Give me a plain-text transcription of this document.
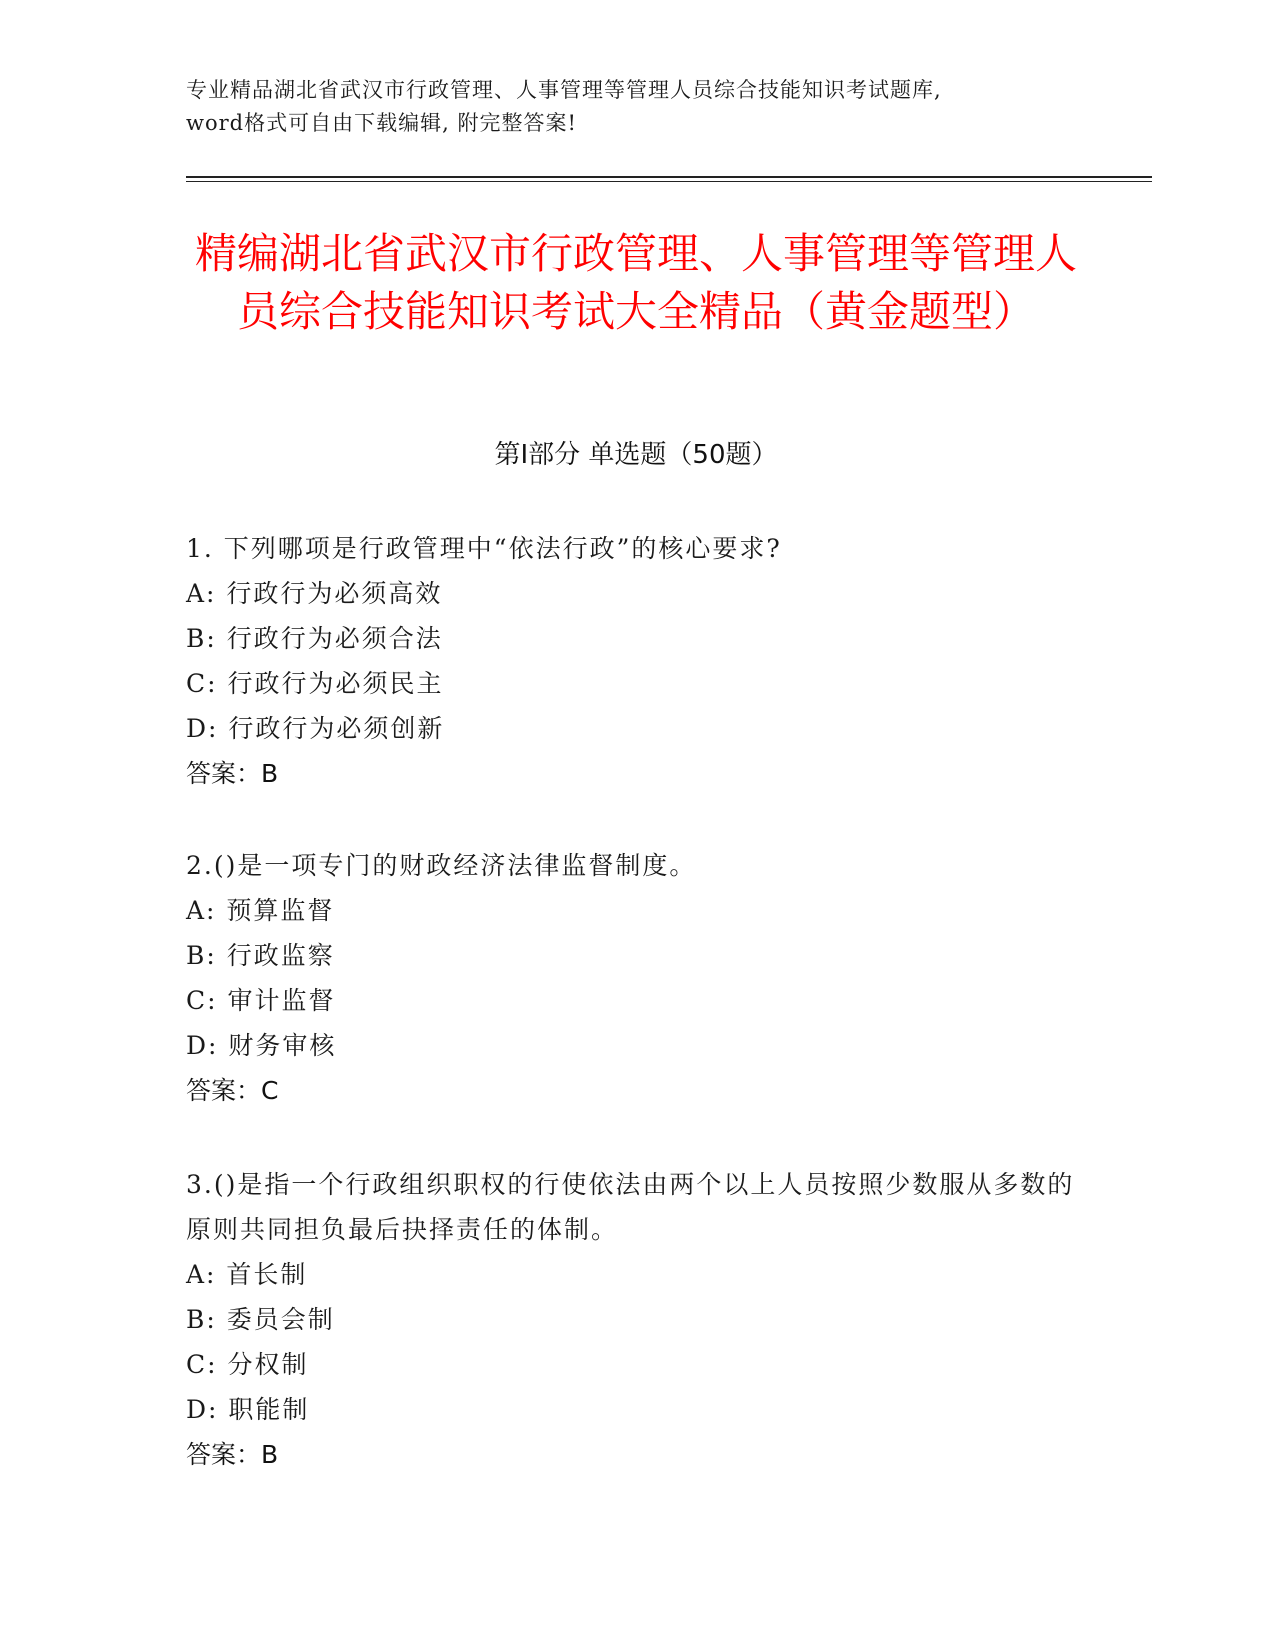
专业精品湖北省武汉市行政管理、人事管理等管理人员综合技能知识考试题库,
word格式可自由下载编辑, 附完整答案!
精编湖北省武汉市行政管理、人事管理等管理人员综合技能知识考试大全精品（黄金题型）
第I部分 单选题（50题）
1. 下列哪项是行政管理中“依法行政”的核心要求?
A: 行政行为必须高效
B: 行政行为必须合法
C: 行政行为必须民主
D: 行政行为必须创新
答案：B
2.()是一项专门的财政经济法律监督制度。
A: 预算监督
B: 行政监察
C: 审计监督
D: 财务审核
答案：C
3.()是指一个行政组织职权的行使依法由两个以上人员按照少数服从多数的原则共同担负最后抉择责任的体制。
A: 首长制
B: 委员会制
C: 分权制
D: 职能制
答案：B
